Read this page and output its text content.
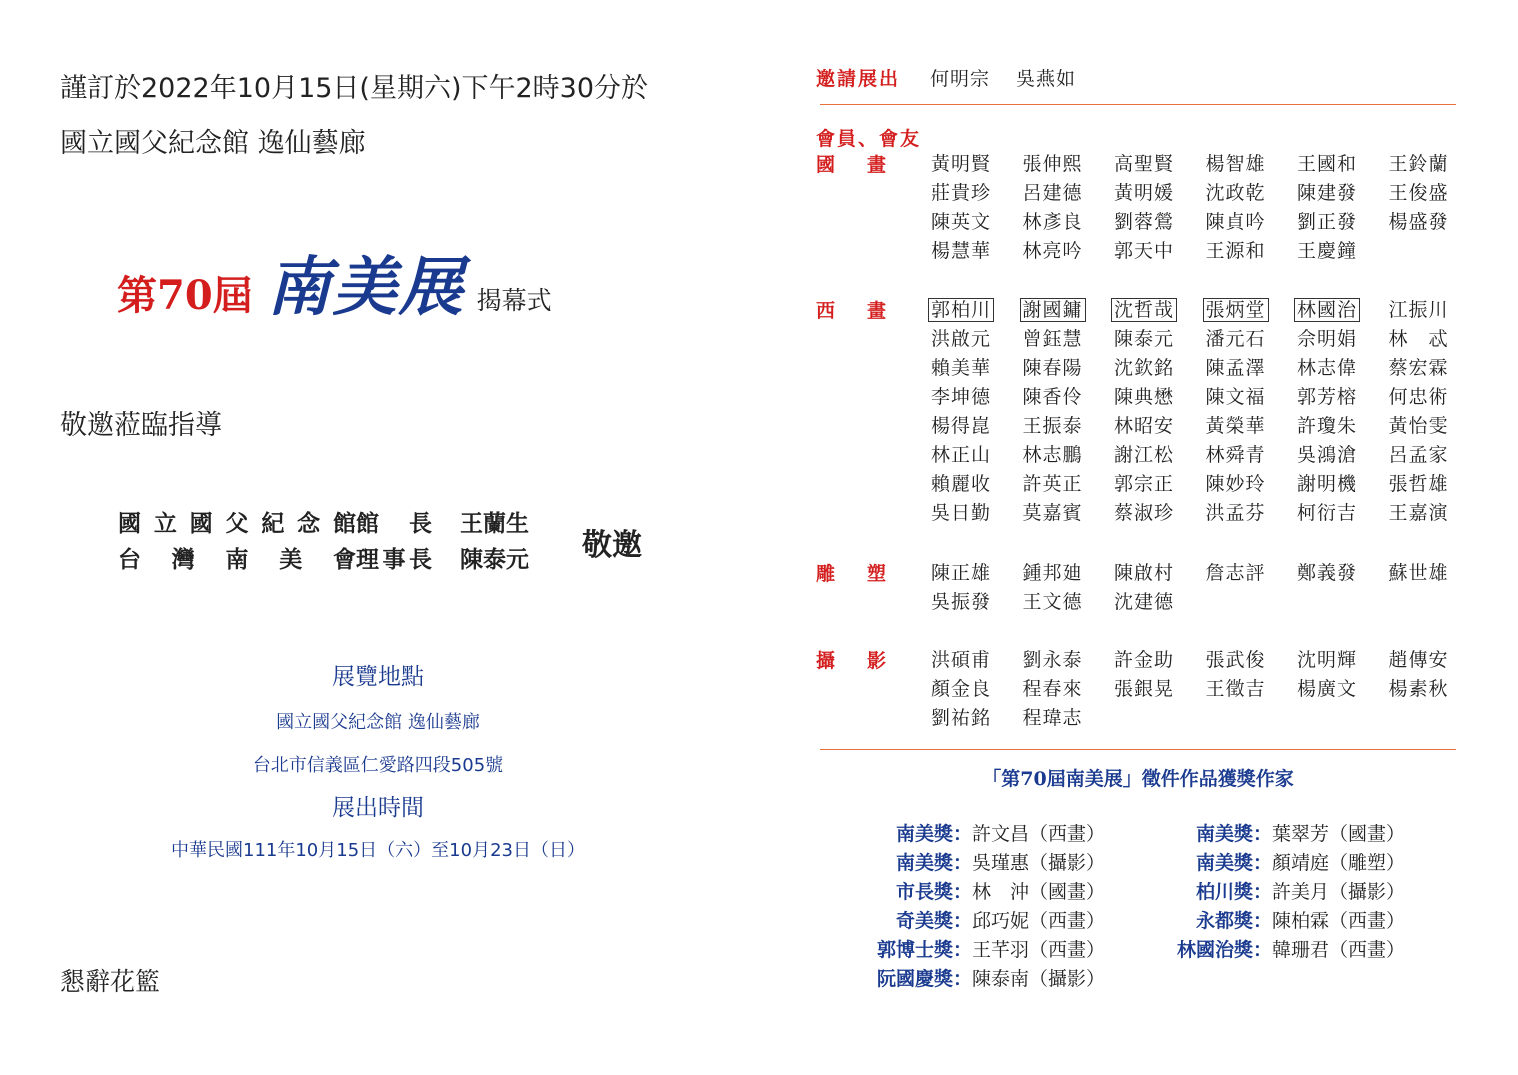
謹訂於2022年10月15日(星期六)下午2時30分於
國立國父紀念館 逸仙藝廊
第70屆 南美展 揭幕式
敬邀蒞臨指導
國立國父紀念館 館長 王蘭生
台灣南美會 理事長 陳泰元 敬邀
展覽地點
國立國父紀念館 逸仙藝廊
台北市信義區仁愛路四段505號
展出時間
中華民國111年10月15日（六）至10月23日（日）
懇辭花籃
邀請展出 何明宗 吳燕如
會員、會友
國 畫 黃明賢	張伸熙	高聖賢	楊智雄	王國和	王鈴蘭
莊貴珍	呂建德	黃明媛	沈政乾	陳建發	王俊盛
陳英文	林彥良	劉蓉鶯	陳貞吟	劉正發	楊盛發
楊慧華	林亮吟	郭天中	王源和	王慶鐘
西 畫 郭柏川	謝國鏞	沈哲哉	張炳堂	林國治	江振川
洪啟元	曾鈺慧	陳泰元	潘元石	佘明娟	林　忒
賴美華	陳春陽	沈欽銘	陳孟澤	林志偉	蔡宏霖
李坤德	陳香伶	陳典懋	陳文福	郭芳榕	何忠術
楊得崑	王振泰	林昭安	黃榮華	許瓊朱	黃怡雯
林正山	林志鵬	謝江松	林舜青	吳鴻滄	呂孟家
賴麗收	許英正	郭宗正	陳妙玲	謝明機	張哲雄
吳日勤	莫嘉賓	蔡淑珍	洪孟芬	柯衍吉	王嘉演
雕 塑 陳正雄	鍾邦廸	陳啟村	詹志評	鄭義發	蘇世雄
吳振發	王文德	沈建德
攝 影 洪碩甫	劉永泰	許金助	張武俊	沈明輝	趙傳安
顏金良	程春來	張銀晃	王徵吉	楊廣文	楊素秋
劉祐銘	程瑋志
「第70屆南美展」徵件作品獲獎作家
南美獎： 許文昌（西畫）
南美獎： 吳瑾惠（攝影）
市長獎： 林　沖（國畫）
奇美獎： 邱巧妮（西畫）
郭博士獎： 王芊羽（西畫）
阮國慶獎： 陳泰南（攝影）
南美獎： 葉翠芳（國畫）
南美獎： 顏靖庭（雕塑）
柏川獎： 許美月（攝影）
永都獎： 陳柏霖（西畫）
林國治獎： 韓珊君（西畫）
